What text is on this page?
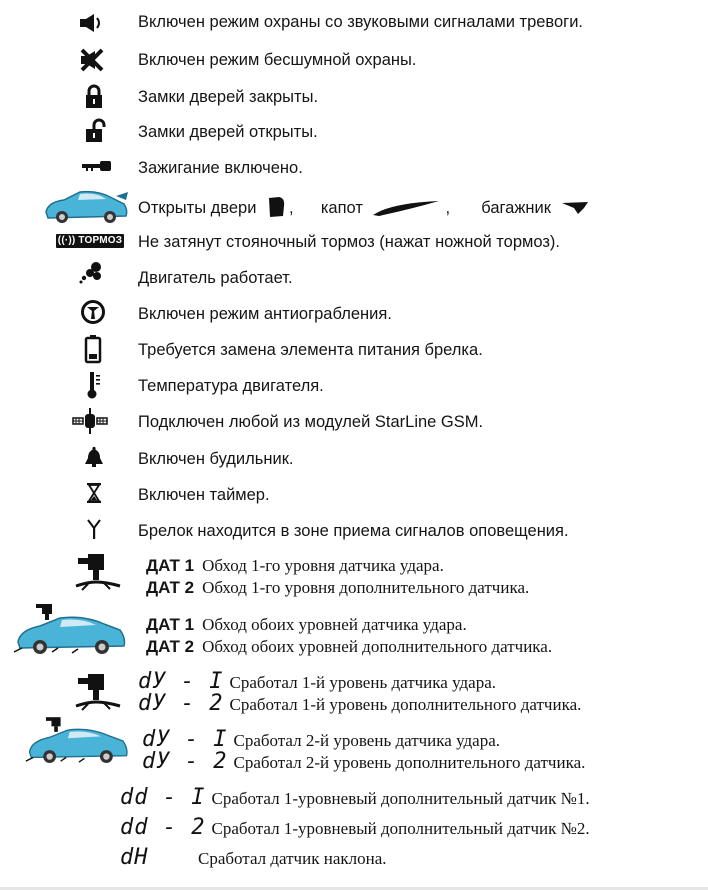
Включен режим охраны со звуковыми сигналами тревоги.
Включен режим бесшумной охраны.
Замки дверей закрыты.
Замки дверей открыты.
Зажигание включено.
Открыты двери , капот	, багажник
((·)) ТОРМОЗ Не затянут стояночный тормоз (нажат ножной тормоз).
Двигатель работает.
Включен режим антиограбления.
Требуется замена элемента питания брелка.
Температура двигателя.
Подключен любой из модулей StarLine GSM.
Включен будильник.
Включен таймер.
Брелок находится в зоне приема сигналов оповещения.
ДАТ 1 Обход 1-го уровня датчика удара.
ДАТ 2 Обход 1-го уровня дополнительного датчика.
ДАТ 1 Обход обоих уровней датчика удара.
ДАТ 2 Обход обоих уровней дополнительного датчика.
dУ - I Сработал 1-й уровень датчика удара.
dУ - 2 Сработал 1-й уровень дополнительного датчика.
dУ - I Сработал 2-й уровень датчика удара.
dУ - 2 Сработал 2-й уровень дополнительного датчика.
dd - I Сработал 1-уровневый дополнительный датчик №1.
dd - 2 Сработал 1-уровневый дополнительный датчик №2.
dH	Сработал датчик наклона.
